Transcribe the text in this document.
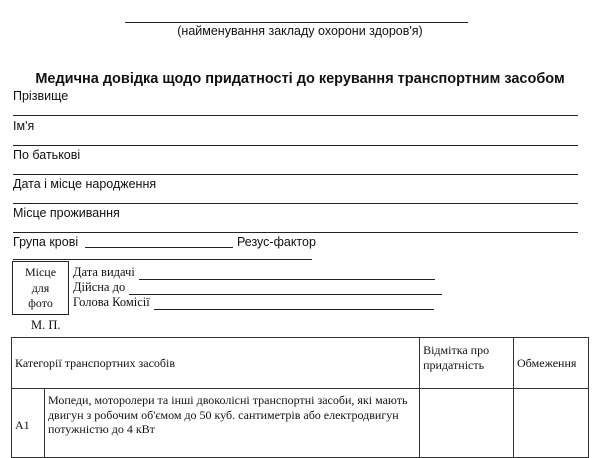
(найменування закладу охорони здоров'я)
Медична довідка щодо придатності до керування транспортним засобом
Прізвище
Ім'я
По батькові
Дата і місце народження
Місце проживання
Група крові	Резус-фактор
Місце
для
фото
Дата видачі
Дійсна до
Голова Комісії
М. П.
Категорії транспортних засобів		Відмітка про придатність	Обмеження
A1	Мопеди, моторолери та інші двоколісні транспортні засоби, які мають двигун з робочим об'ємом до 50 куб. сантиметрів або електродвигун потужністю до 4 кВт		
